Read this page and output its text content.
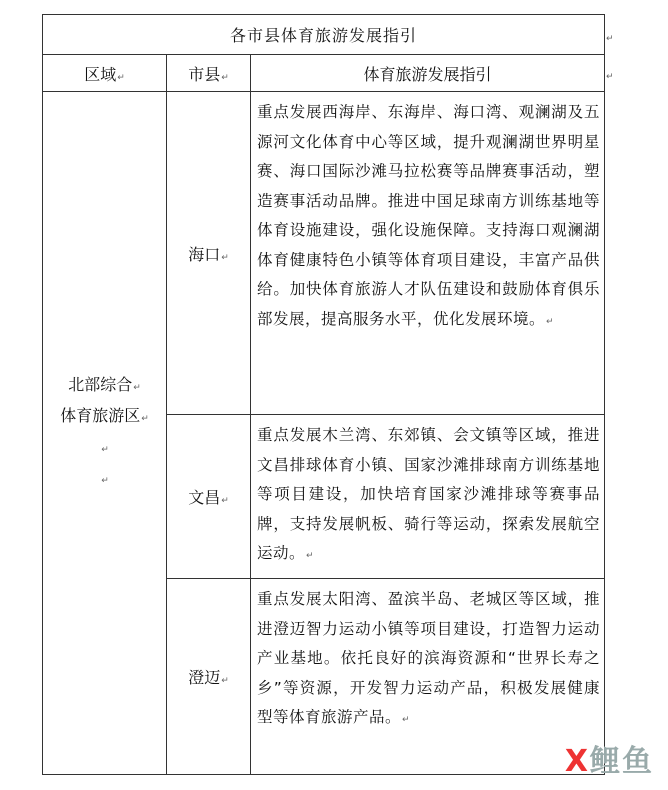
各市县体育旅游发展指引		
区域↵	市县↵	体育旅游发展指引

北部综合↵
体育旅游区↵
↵
↵	海口↵	重点发展西海岸、东海岸、海口湾、观澜湖及五源河文化体育中心等区域，提升观澜湖世界明星赛、海口国际沙滩马拉松赛等品牌赛事活动，塑造赛事活动品牌。推进中国足球南方训练基地等体育设施建设，强化设施保障。支持海口观澜湖体育健康特色小镇等体育项目建设，丰富产品供给。加快体育旅游人才队伍建设和鼓励体育俱乐部发展，提高服务水平，优化发展环境。↵
	文昌↵	重点发展木兰湾、东郊镇、会文镇等区域，推进文昌排球体育小镇、国家沙滩排球南方训练基地等项目建设，加快培育国家沙滩排球等赛事品牌，支持发展帆板、骑行等运动，探索发展航空运动。↵
	澄迈↵	重点发展太阳湾、盈滨半岛、老城区等区域，推进澄迈智力运动小镇等项目建设，打造智力运动产业基地。依托良好的滨海资源和“世界长寿之乡”等资源，开发智力运动产品，积极发展健康型等体育旅游产品。↵
↵
↵
X鲤鱼
